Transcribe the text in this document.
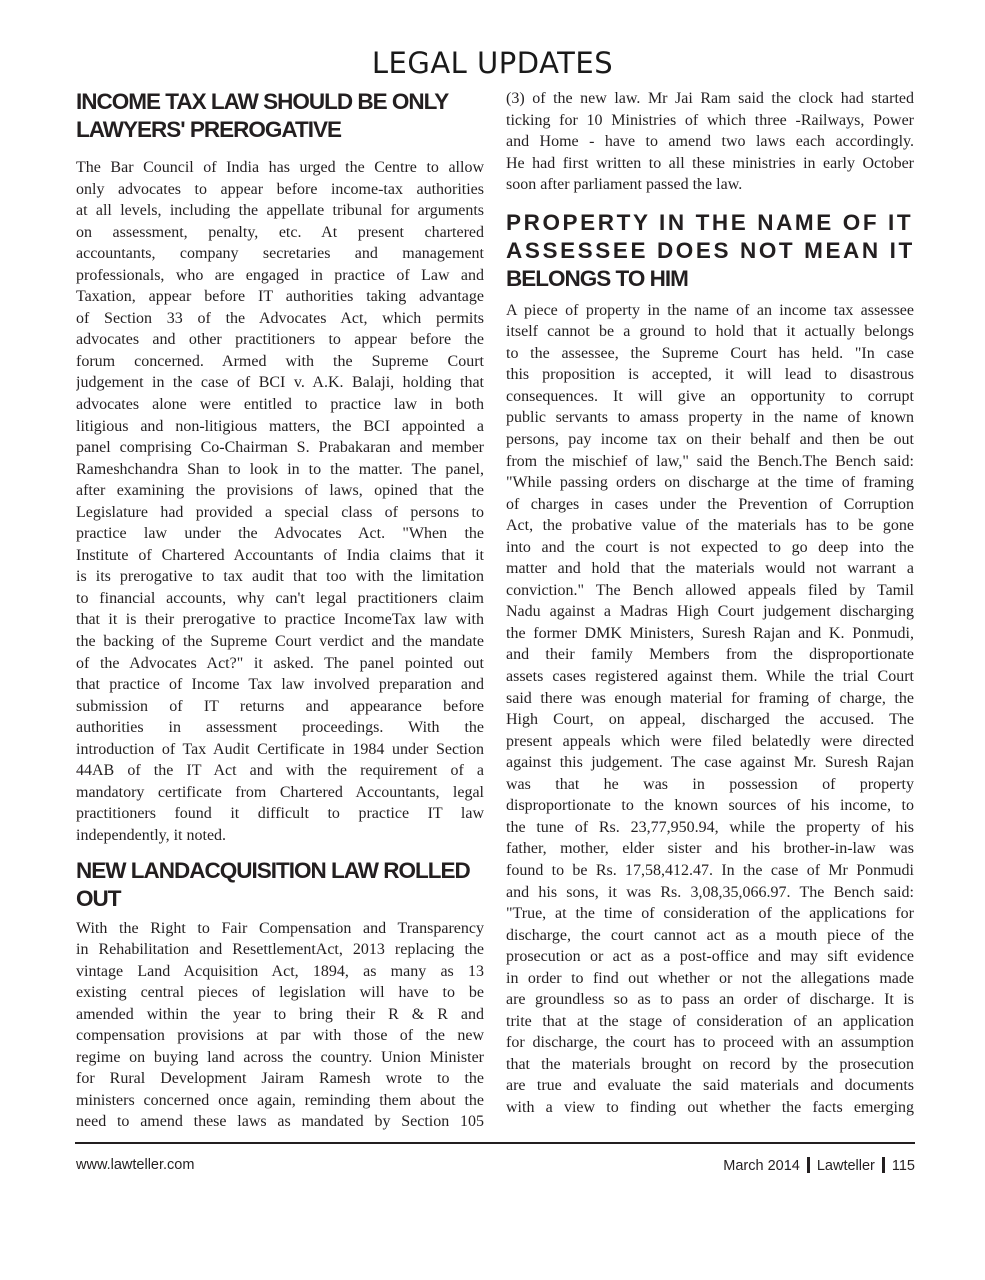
LEGAL UPDATES
INCOME TAX LAW SHOULD BE ONLY
LAWYERS' PREROGATIVE
The Bar Council of India has urged the Centre to allow
only advocates to appear before income-tax authorities
at all levels, including the appellate tribunal for arguments
on assessment, penalty, etc. At present chartered
accountants, company secretaries and management
professionals, who are engaged in practice of Law and
Taxation, appear before IT authorities taking advantage
of Section 33 of the Advocates Act, which permits
advocates and other practitioners to appear before the
forum concerned. Armed with the Supreme Court
judgement in the case of BCI v. A.K. Balaji, holding that
advocates alone were entitled to practice law in both
litigious and non-litigious matters, the BCI appointed a
panel comprising Co-Chairman S. Prabakaran and member
Rameshchandra Shan to look in to the matter. The panel,
after examining the provisions of laws, opined that the
Legislature had provided a special class of persons to
practice law under the Advocates Act. "When the
Institute of Chartered Accountants of India claims that it
is its prerogative to tax audit that too with the limitation
to financial accounts, why can't legal practitioners claim
that it is their prerogative to practice IncomeTax law with
the backing of the Supreme Court verdict and the mandate
of the Advocates Act?" it asked. The panel pointed out
that practice of Income Tax law involved preparation and
submission of IT returns and appearance before
authorities in assessment proceedings. With the
introduction of Tax Audit Certificate in 1984 under Section
44AB of the IT Act and with the requirement of a
mandatory certificate from Chartered Accountants, legal
practitioners found it difficult to practice IT law
independently, it noted.
NEW LANDACQUISITION LAW ROLLED
OUT
With the Right to Fair Compensation and Transparency
in Rehabilitation and ResettlementAct, 2013 replacing the
vintage Land Acquisition Act, 1894, as many as 13
existing central pieces of legislation will have to be
amended within the year to bring their R & R and
compensation provisions at par with those of the new
regime on buying land across the country. Union Minister
for Rural Development Jairam Ramesh wrote to the
ministers concerned once again, reminding them about the
need to amend these laws as mandated by Section 105
(3) of the new law. Mr Jai Ram said the clock had started
ticking for 10 Ministries of which three -Railways, Power
and Home - have to amend two laws each accordingly.
He had first written to all these ministries in early October
soon after parliament passed the law.
PROPERTY IN THE NAME OF IT
ASSESSEE DOES NOT MEAN IT
BELONGS TO HIM
A piece of property in the name of an income tax assessee
itself cannot be a ground to hold that it actually belongs
to the assessee, the Supreme Court has held. "In case
this proposition is accepted, it will lead to disastrous
consequences. It will give an opportunity to corrupt
public servants to amass property in the name of known
persons, pay income tax on their behalf and then be out
from the mischief of law," said the Bench.The Bench said:
"While passing orders on discharge at the time of framing
of charges in cases under the Prevention of Corruption
Act, the probative value of the materials has to be gone
into and the court is not expected to go deep into the
matter and hold that the materials would not warrant a
conviction." The Bench allowed appeals filed by Tamil
Nadu against a Madras High Court judgement discharging
the former DMK Ministers, Suresh Rajan and K. Ponmudi,
and their family Members from the disproportionate
assets cases registered against them. While the trial Court
said there was enough material for framing of charge, the
High Court, on appeal, discharged the accused. The
present appeals which were filed belatedly were directed
against this judgement. The case against Mr. Suresh Rajan
was that he was in possession of property
disproportionate to the known sources of his income, to
the tune of Rs. 23,77,950.94, while the property of his
father, mother, elder sister and his brother-in-law was
found to be Rs. 17,58,412.47. In the case of Mr Ponmudi
and his sons, it was Rs. 3,08,35,066.97. The Bench said:
"True, at the time of consideration of the applications for
discharge, the court cannot act as a mouth piece of the
prosecution or act as a post-office and may sift evidence
in order to find out whether or not the allegations made
are groundless so as to pass an order of discharge. It is
trite that at the stage of consideration of an application
for discharge, the court has to proceed with an assumption
that the materials brought on record by the prosecution
are true and evaluate the said materials and documents
with a view to finding out whether the facts emerging
www.lawteller.com	March 2014 Lawteller 115
